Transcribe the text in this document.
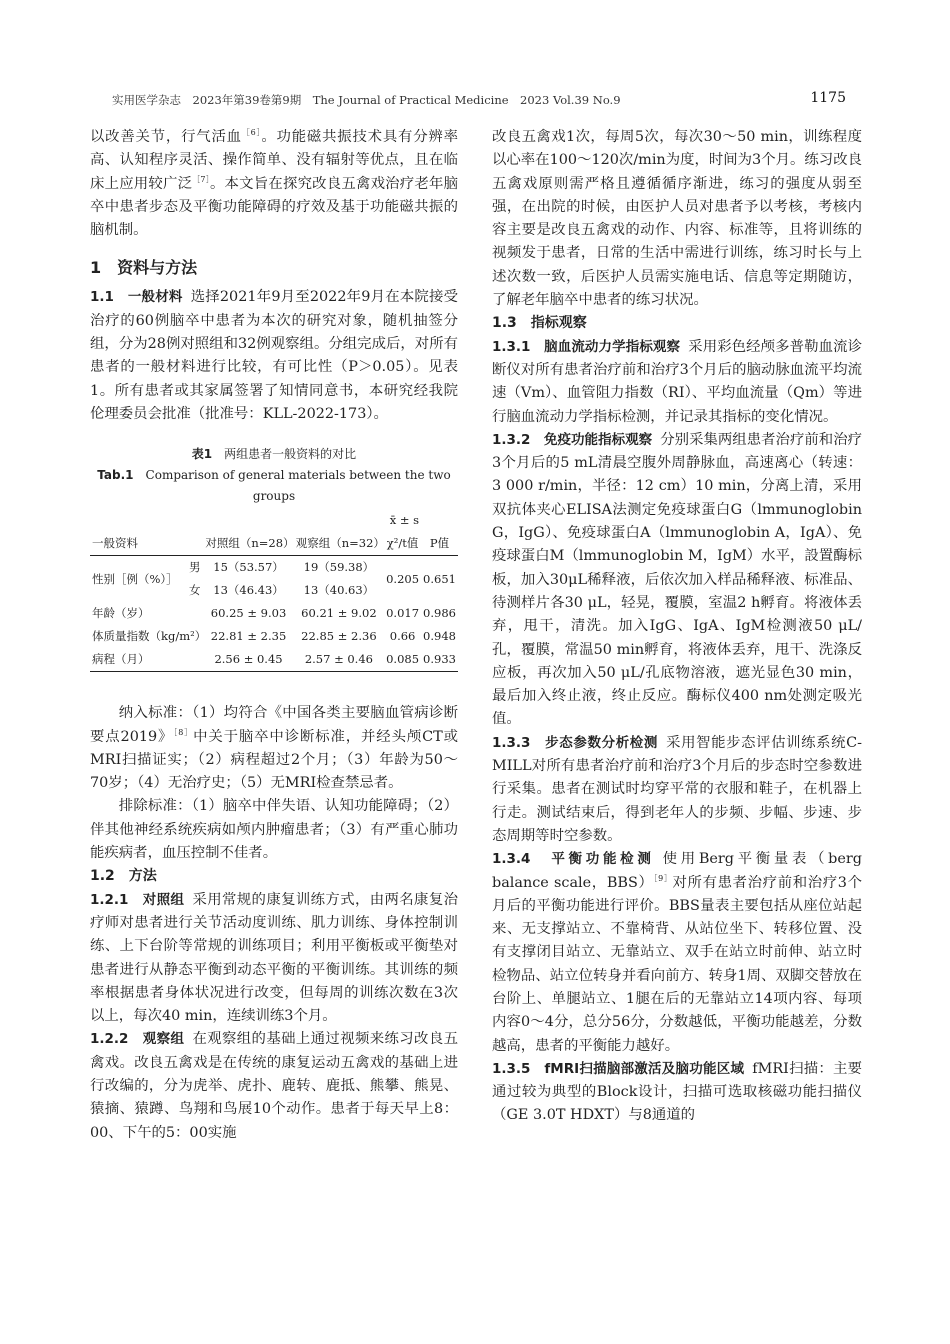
实用医学杂志　2023年第39卷第9期　The Journal of Practical Medicine　2023 Vol.39 No.9	1175

以改善关节，行气活血$^{[6]}$。功能磁共振技术具有分辨率高、认知程序灵活、操作简单、没有辐射等优点，且在临床上应用较广泛$^{[7]}$。本文旨在探究改良五禽戏治疗老年脑卒中患者步态及平衡功能障碍的疗效及基于功能磁共振的脑机制。

1　资料与方法

1.1　一般材料 选择2021年9月至2022年9月在本院接受治疗的60例脑卒中患者为本次的研究对象，随机抽签分组，分为28例对照组和32例观察组。分组完成后，对所有患者的一般材料进行比较，有可比性（P＞0.05）。见表1。所有患者或其家属签署了知情同意书，本研究经我院伦理委员会批准（批准号：KLL-2022-173）。

表1　 两组患者一般资料的对比
Tab.1　 Comparison of general materials between the two groups
x̄ ± s					
一般资料		对照组（n=28）	观察组（n=32）	χ²/t值	P值
性别［例（%）］	男	15（53.57）	19（59.38）	0.205	0.651
	女	13（46.43）	13（40.63）		
年龄（岁）		60.25 ± 9.03	60.21 ± 9.02	0.017	0.986
体质量指数（kg/m²）		22.81 ± 2.35	22.85 ± 2.36	0.66	0.948
病程（月）		2.56 ± 0.45	2.57 ± 0.46	0.085	0.933

纳入标准：（1）均符合《中国各类主要脑血管病诊断要点2019》$^{[8]}$中关于脑卒中诊断标准，并经头颅CT或MRI扫描证实；（2）病程超过2个月；（3）年龄为50～70岁；（4）无治疗史；（5）无MRI检查禁忌者。

排除标准：（1）脑卒中伴失语、认知功能障碍；（2）伴其他神经系统疾病如颅内肿瘤患者；（3）有严重心肺功能疾病者，血压控制不佳者。

1.2　方法

1.2.1　对照组 采用常规的康复训练方式，由两名康复治疗师对患者进行关节活动度训练、肌力训练、身体控制训练、上下台阶等常规的训练项目；利用平衡板或平衡垫对患者进行从静态平衡到动态平衡的平衡训练。其训练的频率根据患者身体状况进行改变，但每周的训练次数在3次以上，每次40 min，连续训练3个月。

1.2.2　观察组 在观察组的基础上通过视频来练习改良五禽戏。改良五禽戏是在传统的康复运动五禽戏的基础上进行改编的，分为虎举、虎扑、鹿转、鹿抵、熊攀、熊晃、猿摘、猿蹲、鸟翔和鸟展10个动作。患者于每天早上8：00、下午的5：00实施

改良五禽戏1次，每周5次，每次30～50 min，训练程度以心率在100～120次/min为度，时间为3个月。练习改良五禽戏原则需严格且遵循循序渐进，练习的强度从弱至强，在出院的时候，由医护人员对患者予以考核，考核内容主要是改良五禽戏的动作、内容、标准等，且将训练的视频发于患者，日常的生活中需进行训练，练习时长与上述次数一致，后医护人员需实施电话、信息等定期随访，了解老年脑卒中患者的练习状况。

1.3　指标观察

1.3.1　脑血流动力学指标观察 采用彩色经颅多普勒血流诊断仪对所有患者治疗前和治疗3个月后的脑动脉血流平均流速（Vm）、血管阻力指数（RI）、平均血流量（Qm）等进行脑血流动力学指标检测，并记录其指标的变化情况。

1.3.2　免疫功能指标观察 分别采集两组患者治疗前和治疗3个月后的5 mL清晨空腹外周静脉血，高速离心（转速：3 000 r/min，半径：12 cm）10 min，分离上清，采用双抗体夹心ELISA法测定免疫球蛋白G（lmmunoglobin G，IgG）、免疫球蛋白A（lmmunoglobin A，IgA）、免疫球蛋白M（lmmunoglobin M，IgM）水平，設置酶标板，加入30μL稀释液，后依次加入样品稀释液、标准品、待测样片各30 μL，轻晃，覆膜，室温2 h孵育。将液体丢弃，甩干，清洗。加入IgG、IgA、IgM检测液50 μL/孔，覆膜，常温50 min孵育，将液体丢弃，甩干、洗涤反应板，再次加入50 μL/孔底物溶液，遮光显色30 min，最后加入终止液，终止反应。酶标仪400 nm处测定吸光值。

1.3.3　步态参数分析检测 采用智能步态评估训练系统C-MILL对所有患者治疗前和治疗3个月后的步态时空参数进行采集。患者在测试时均穿平常的衣服和鞋子，在机器上行走。测试结束后，得到老年人的步频、步幅、步速、步态周期等时空参数。

1.3.4　平衡功能检测 使用Berg平衡量表（berg balance scale，BBS）$^{[9]}$对所有患者治疗前和治疗3个月后的平衡功能进行评价。BBS量表主要包括从座位站起来、无支撑站立、不靠椅背、从站位坐下、转移位置、没有支撑闭目站立、无靠站立、双手在站立时前伸、站立时检物品、站立位转身并看向前方、转身1周、双脚交替放在台阶上、单腿站立、1腿在后的无靠站立14项内容、每项内容0～4分，总分56分，分数越低，平衡功能越差，分数越高，患者的平衡能力越好。

1.3.5　fMRI扫描脑部激活及脑功能区域 fMRI扫描：主要通过较为典型的Block设计，扫描可选取核磁功能扫描仪（GE 3.0T HDXT）与8通道的
